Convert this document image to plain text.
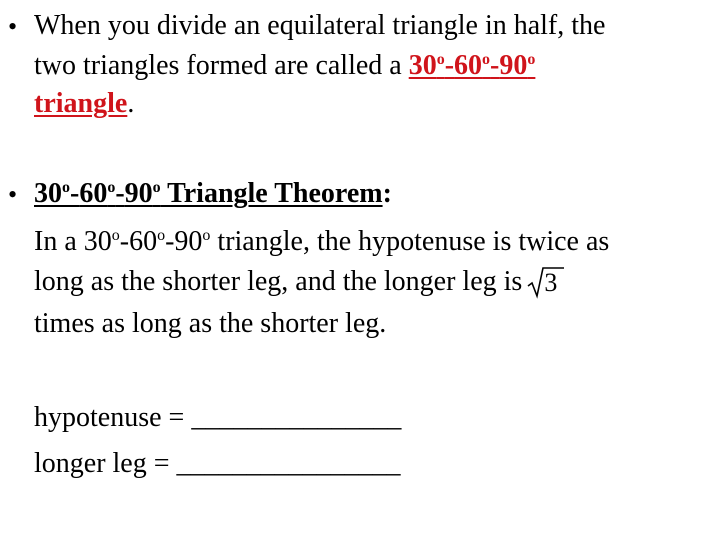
• When you divide an equilateral triangle in half, the
two triangles formed are called a 30$^o$-60$^o$-90$^o$
triangle.
• 30$^o$-60$^o$-90$^o$ Triangle Theorem:
In a 30$^o$-60$^o$-90$^o$ triangle, the hypotenuse is twice as
long as the shorter leg, and the longer leg is 3
times as long as the shorter leg.
hypotenuse = _______________
longer leg = ________________
